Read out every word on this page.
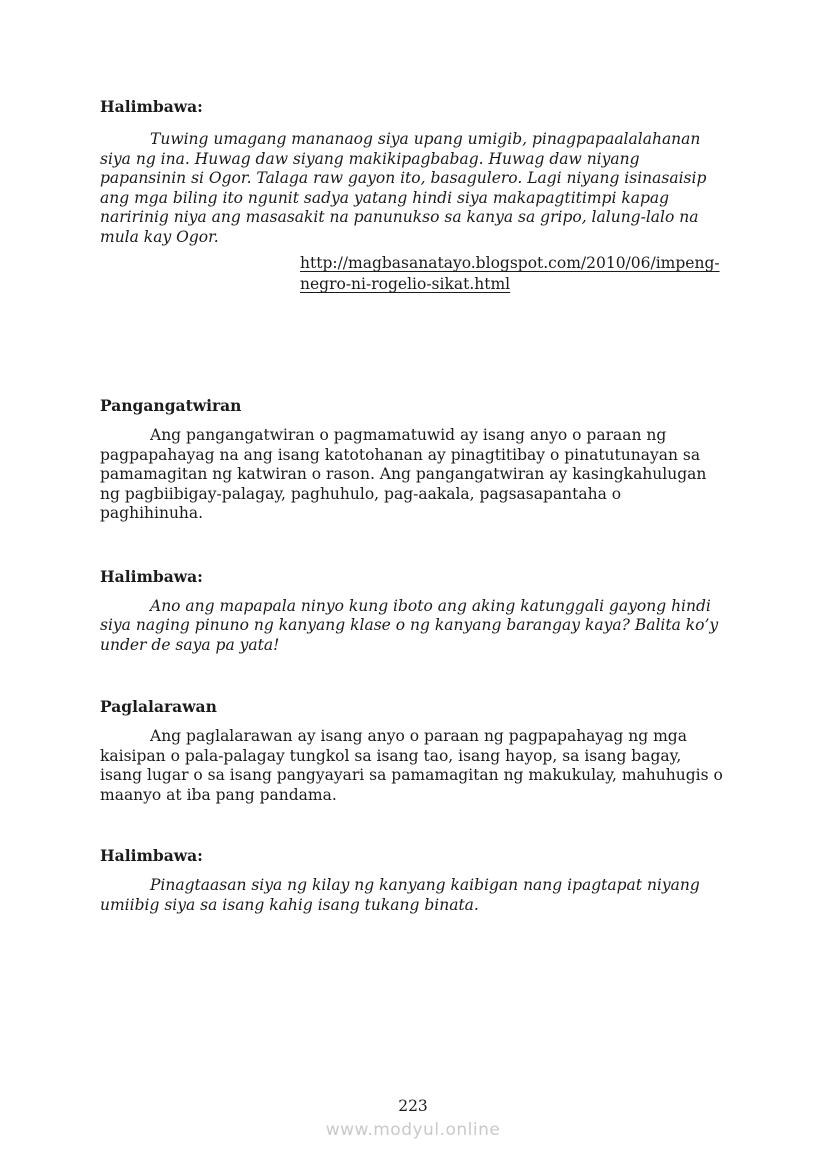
Halimbawa:

Tuwing umagang mananaog siya upang umigib, pinagpapaalalahanan siya ng ina. Huwag daw siyang makikipagbabag. Huwag daw niyang papansinin si Ogor. Talaga raw gayon ito, basagulero. Lagi niyang isinasaisip ang mga biling ito ngunit sadya yatang hindi siya makapagtitimpi kapag naririnig niya ang masasakit na panunukso sa kanya sa gripo, lalung-lalo na mula kay Ogor.

http://magbasanatayo.blogspot.com/2010/06/impeng-
negro-ni-rogelio-sikat.html
Pangangatwiran

Ang pangangatwiran o pagmamatuwid ay isang anyo o paraan ng pagpapahayag na ang isang katotohanan ay pinagtitibay o pinatutunayan sa pamamagitan ng katwiran o rason. Ang pangangatwiran ay kasingkahulugan ng pagbiibigay-palagay, paghuhulo, pag-aakala, pagsasapantaha o paghihinuha.

Halimbawa:

Ano ang mapapala ninyo kung iboto ang aking katunggali gayong hindi siya naging pinuno ng kanyang klase o ng kanyang barangay kaya? Balita ko’y under de saya pa yata!

Paglalarawan

Ang paglalarawan ay isang anyo o paraan ng pagpapahayag ng mga kaisipan o pala-palagay tungkol sa isang tao, isang hayop, sa isang bagay, isang lugar o sa isang pangyayari sa pamamagitan ng makukulay, mahuhugis o maanyo at iba pang pandama.

Halimbawa:

Pinagtaasan siya ng kilay ng kanyang kaibigan nang ipagtapat niyang umiibig siya sa isang kahig isang tukang binata.

223
www.modyul.online
